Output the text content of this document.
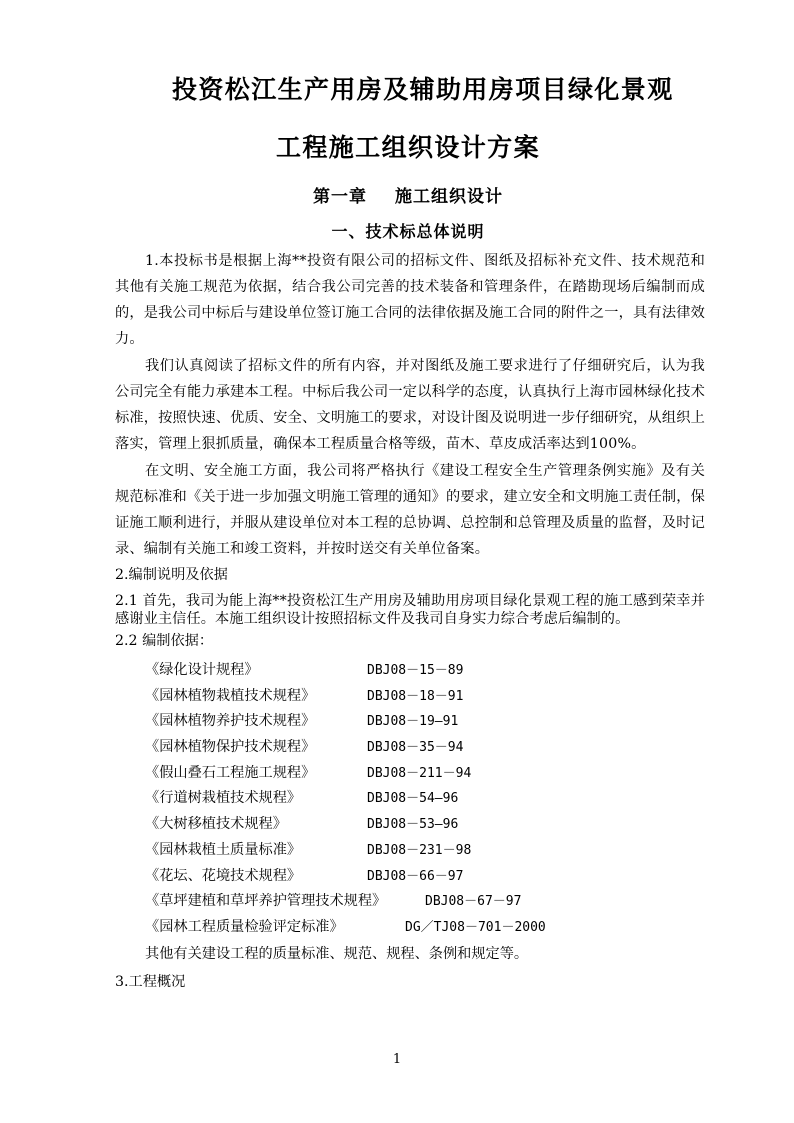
投资松江生产用房及辅助用房项目绿化景观
工程施工组织设计方案
第一章 施工组织设计
一、技术标总体说明

1.本投标书是根据上海**投资有限公司的招标文件、图纸及招标补充文件、技术规范和其他有关施工规范为依据，结合我公司完善的技术装备和管理条件，在踏勘现场后编制而成的，是我公司中标后与建设单位签订施工合同的法律依据及施工合同的附件之一，具有法律效力。

我们认真阅读了招标文件的所有内容，并对图纸及施工要求进行了仔细研究后，认为我公司完全有能力承建本工程。中标后我公司一定以科学的态度，认真执行上海市园林绿化技术标准，按照快速、优质、安全、文明施工的要求，对设计图及说明进一步仔细研究，从组织上落实，管理上狠抓质量，确保本工程质量合格等级，苗木、草皮成活率达到100%。

在文明、安全施工方面，我公司将严格执行《建设工程安全生产管理条例实施》及有关规范标准和《关于进一步加强文明施工管理的通知》的要求，建立安全和文明施工责任制，保证施工顺利进行，并服从建设单位对本工程的总协调、总控制和总管理及质量的监督，及时记录、编制有关施工和竣工资料，并按时送交有关单位备案。

2.编制说明及依据

2.1 首先，我司为能上海**投资松江生产用房及辅助用房项目绿化景观工程的施工感到荣幸并感谢业主信任。本施工组织设计按照招标文件及我司自身实力综合考虑后编制的。

2.2 编制依据：

《绿化设计规程》	DBJ08－15－89
《园林植物栽植技术规程》	DBJ08－18－91
《园林植物养护技术规程》	DBJ08－19—91
《园林植物保护技术规程》	DBJ08－35－94
《假山叠石工程施工规程》	DBJ08－211－94
《行道树栽植技术规程》	DBJ08－54—96
《大树移植技术规程》	DBJ08－53—96
《园林栽植土质量标准》	DBJ08－231－98
《花坛、花境技术规程》	DBJ08－66－97
《草坪建植和草坪养护管理技术规程》	DBJ08－67－97
《园林工程质量检验评定标准》	DG／TJ08－701－2000

其他有关建设工程的质量标准、规范、规程、条例和规定等。

3.工程概况

1
